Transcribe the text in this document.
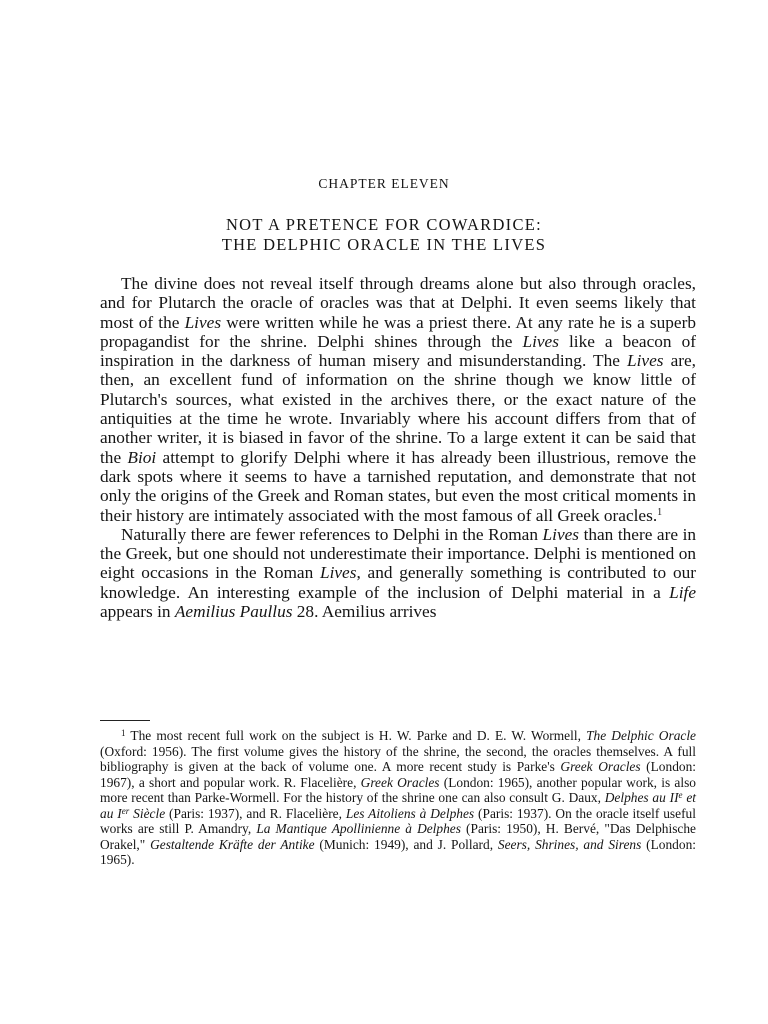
CHAPTER ELEVEN
NOT A PRETENCE FOR COWARDICE:
THE DELPHIC ORACLE IN THE LIVES

The divine does not reveal itself through dreams alone but also through oracles, and for Plutarch the oracle of oracles was that at Delphi. It even seems likely that most of the Lives were written while he was a priest there. At any rate he is a superb propagandist for the shrine. Delphi shines through the Lives like a beacon of inspiration in the darkness of human misery and misunderstanding. The Lives are, then, an excellent fund of information on the shrine though we know little of Plutarch's sources, what existed in the archives there, or the exact nature of the antiquities at the time he wrote. Invariably where his account differs from that of another writer, it is biased in favor of the shrine. To a large extent it can be said that the Bioi attempt to glorify Delphi where it has already been illustrious, remove the dark spots where it seems to have a tarnished reputation, and demonstrate that not only the origins of the Greek and Roman states, but even the most critical moments in their history are intimately associated with the most famous of all Greek oracles.$^1$

Naturally there are fewer references to Delphi in the Roman Lives than there are in the Greek, but one should not underestimate their importance. Delphi is mentioned on eight occasions in the Roman Lives, and generally something is contributed to our knowledge. An interesting example of the inclusion of Delphi material in a Life appears in Aemilius Paullus 28. Aemilius arrives

$^1$ The most recent full work on the subject is H. W. Parke and D. E. W. Wormell, The Delphic Oracle (Oxford: 1956). The first volume gives the history of the shrine, the second, the oracles themselves. A full bibliography is given at the back of volume one. A more recent study is Parke's Greek Oracles (London: 1967), a short and popular work. R. Flacelière, Greek Oracles (London: 1965), another popular work, is also more recent than Parke-Wormell. For the history of the shrine one can also consult G. Daux, Delphes au IIe et au Ier Siècle (Paris: 1937), and R. Flacelière, Les Aitoliens à Delphes (Paris: 1937). On the oracle itself useful works are still P. Amandry, La Mantique Apollinienne à Delphes (Paris: 1950), H. Bervé, "Das Delphische Orakel," Gestaltende Kräfte der Antike (Munich: 1949), and J. Pollard, Seers, Shrines, and Sirens (London: 1965).
